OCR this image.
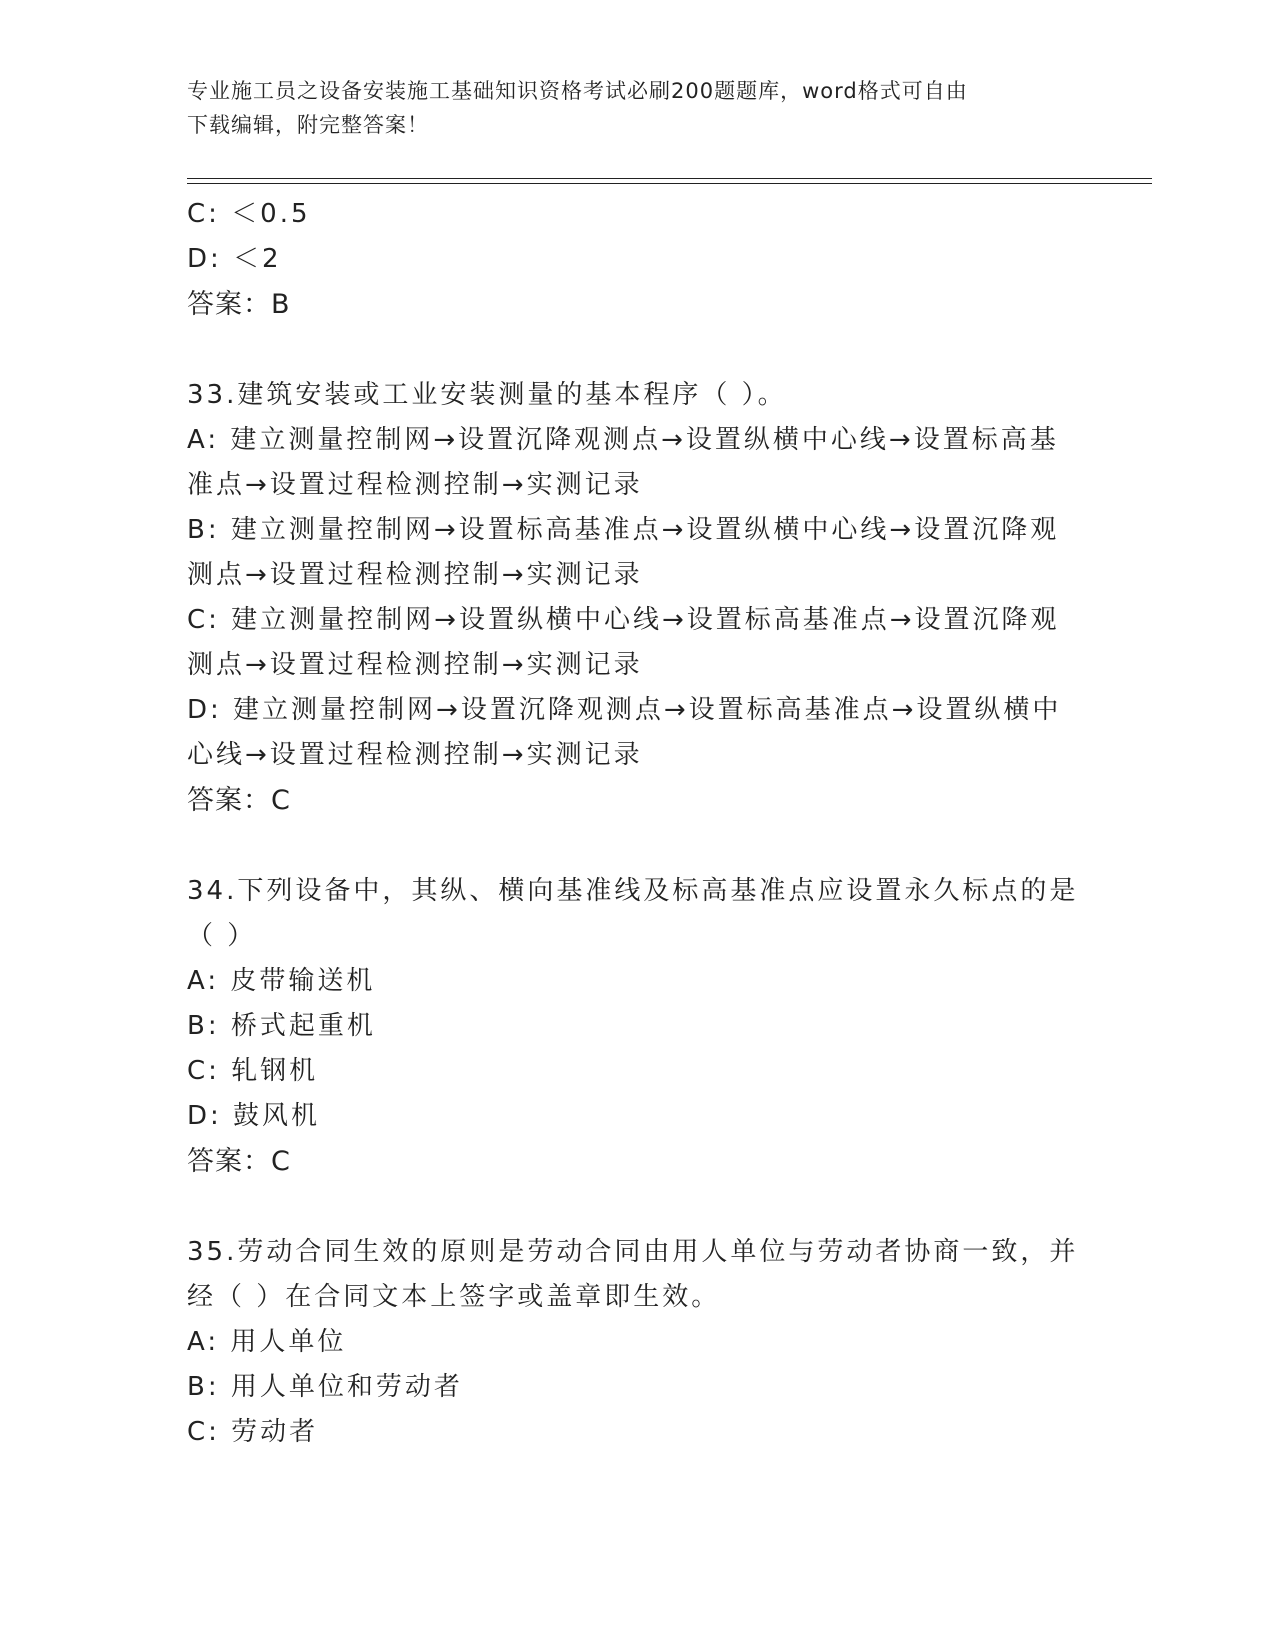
专业施工员之设备安装施工基础知识资格考试必刷200题题库，word格式可自由
下载编辑，附完整答案！
C: ＜0.5
D: ＜2
答案：B
33.建筑安装或工业安装测量的基本程序（ ）。
A: 建立测量控制网→设置沉降观测点→设置纵横中心线→设置标高基
准点→设置过程检测控制→实测记录
B: 建立测量控制网→设置标高基准点→设置纵横中心线→设置沉降观
测点→设置过程检测控制→实测记录
C: 建立测量控制网→设置纵横中心线→设置标高基准点→设置沉降观
测点→设置过程检测控制→实测记录
D: 建立测量控制网→设置沉降观测点→设置标高基准点→设置纵横中
心线→设置过程检测控制→实测记录
答案：C
34.下列设备中，其纵、横向基准线及标高基准点应设置永久标点的是
（ ）
A: 皮带输送机
B: 桥式起重机
C: 轧钢机
D: 鼓风机
答案：C
35.劳动合同生效的原则是劳动合同由用人单位与劳动者协商一致，并
经（ ）在合同文本上签字或盖章即生效。
A: 用人单位
B: 用人单位和劳动者
C: 劳动者
